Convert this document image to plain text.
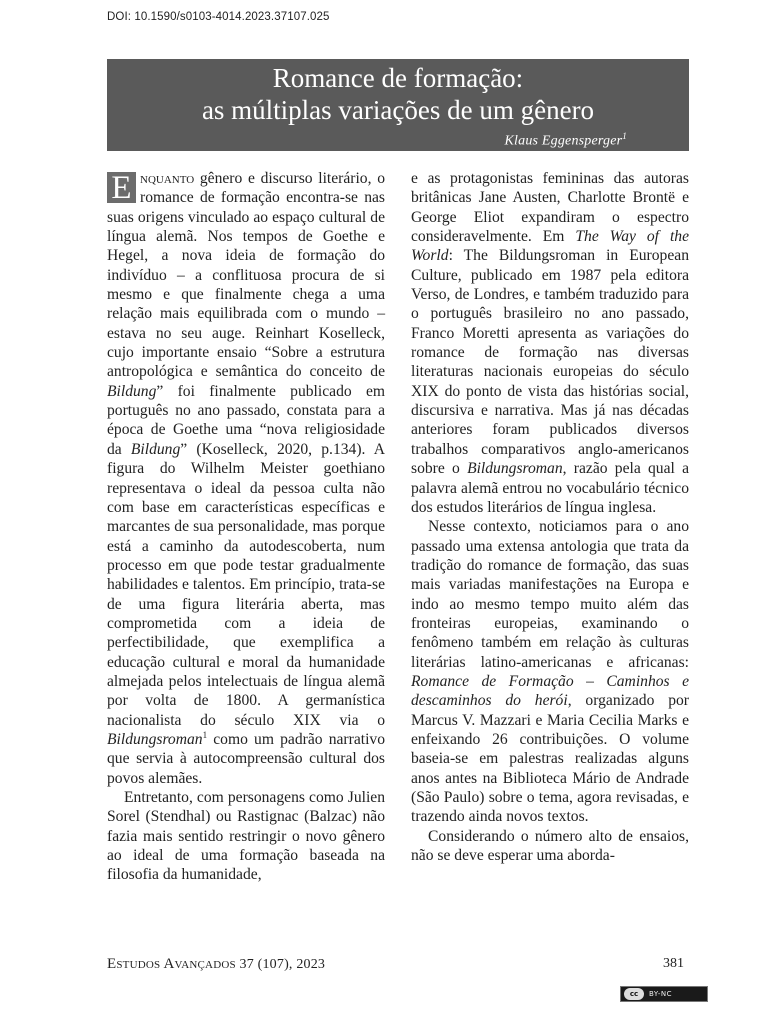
DOI: 10.1590/s0103-4014.2023.37107.025
Romance de formação:
as múltiplas variações de um gênero
Klaus Eggensperger$^1$

E nquanto gênero e discurso literário, o romance de formação encontra-se nas suas origens vinculado ao espaço cultural de língua alemã. Nos tempos de Goethe e Hegel, a nova ideia de formação do indivíduo – a conflituosa procura de si mesmo e que finalmente chega a uma relação mais equilibrada com o mundo – estava no seu auge. Reinhart Koselleck, cujo importante ensaio “Sobre a estrutura antropológica e semântica do conceito de Bildung” foi finalmente publicado em português no ano passado, constata para a época de Goethe uma “nova religiosidade da Bildung” (Koselleck, 2020, p.134). A figura do Wilhelm Meister goethiano representava o ideal da pessoa culta não com base em características específicas e marcantes de sua personalidade, mas porque está a caminho da autodescoberta, num processo em que pode testar gradualmente habilidades e talentos. Em princípio, trata-se de uma figura literária aberta, mas comprometida com a ideia de perfectibilidade, que exemplifica a educação cultural e moral da humanidade almejada pelos intelectuais de língua alemã por volta de 1800. A germanística nacionalista do século XIX via o Bildungsroman$^1$ como um padrão narrativo que servia à autocompreensão cultural dos povos alemães.

Entretanto, com personagens como Julien Sorel (Stendhal) ou Rastignac (Balzac) não fazia mais sentido restringir o novo gênero ao ideal de uma formação baseada na filosofia da humanidade,

e as protagonistas femininas das autoras britânicas Jane Austen, Charlotte Brontë e George Eliot expandiram o espectro consideravelmente. Em The Way of the World: The Bildungsroman in European Culture, publicado em 1987 pela editora Verso, de Londres, e também traduzido para o português brasileiro no ano passado, Franco Moretti apresenta as variações do romance de formação nas diversas literaturas nacionais europeias do século XIX do ponto de vista das histórias social, discursiva e narrativa. Mas já nas décadas anteriores foram publicados diversos trabalhos comparativos anglo-americanos sobre o Bildungsroman, razão pela qual a palavra alemã entrou no vocabulário técnico dos estudos literários de língua inglesa.

Nesse contexto, noticiamos para o ano passado uma extensa antologia que trata da tradição do romance de formação, das suas mais variadas manifestações na Europa e indo ao mesmo tempo muito além das fronteiras europeias, examinando o fenômeno também em relação às culturas literárias latino-americanas e africanas: Romance de Formação – Caminhos e descaminhos do herói, organizado por Marcus V. Mazzari e Maria Cecilia Marks e enfeixando 26 contribuições. O volume baseia-se em palestras realizadas alguns anos antes na Biblioteca Mário de Andrade (São Paulo) sobre o tema, agora revisadas, e trazendo ainda novos textos.

Considerando o número alto de ensaios, não se deve esperar uma aborda-

Estudos Avançados 37 (107), 2023	381
cc	BY-NC
